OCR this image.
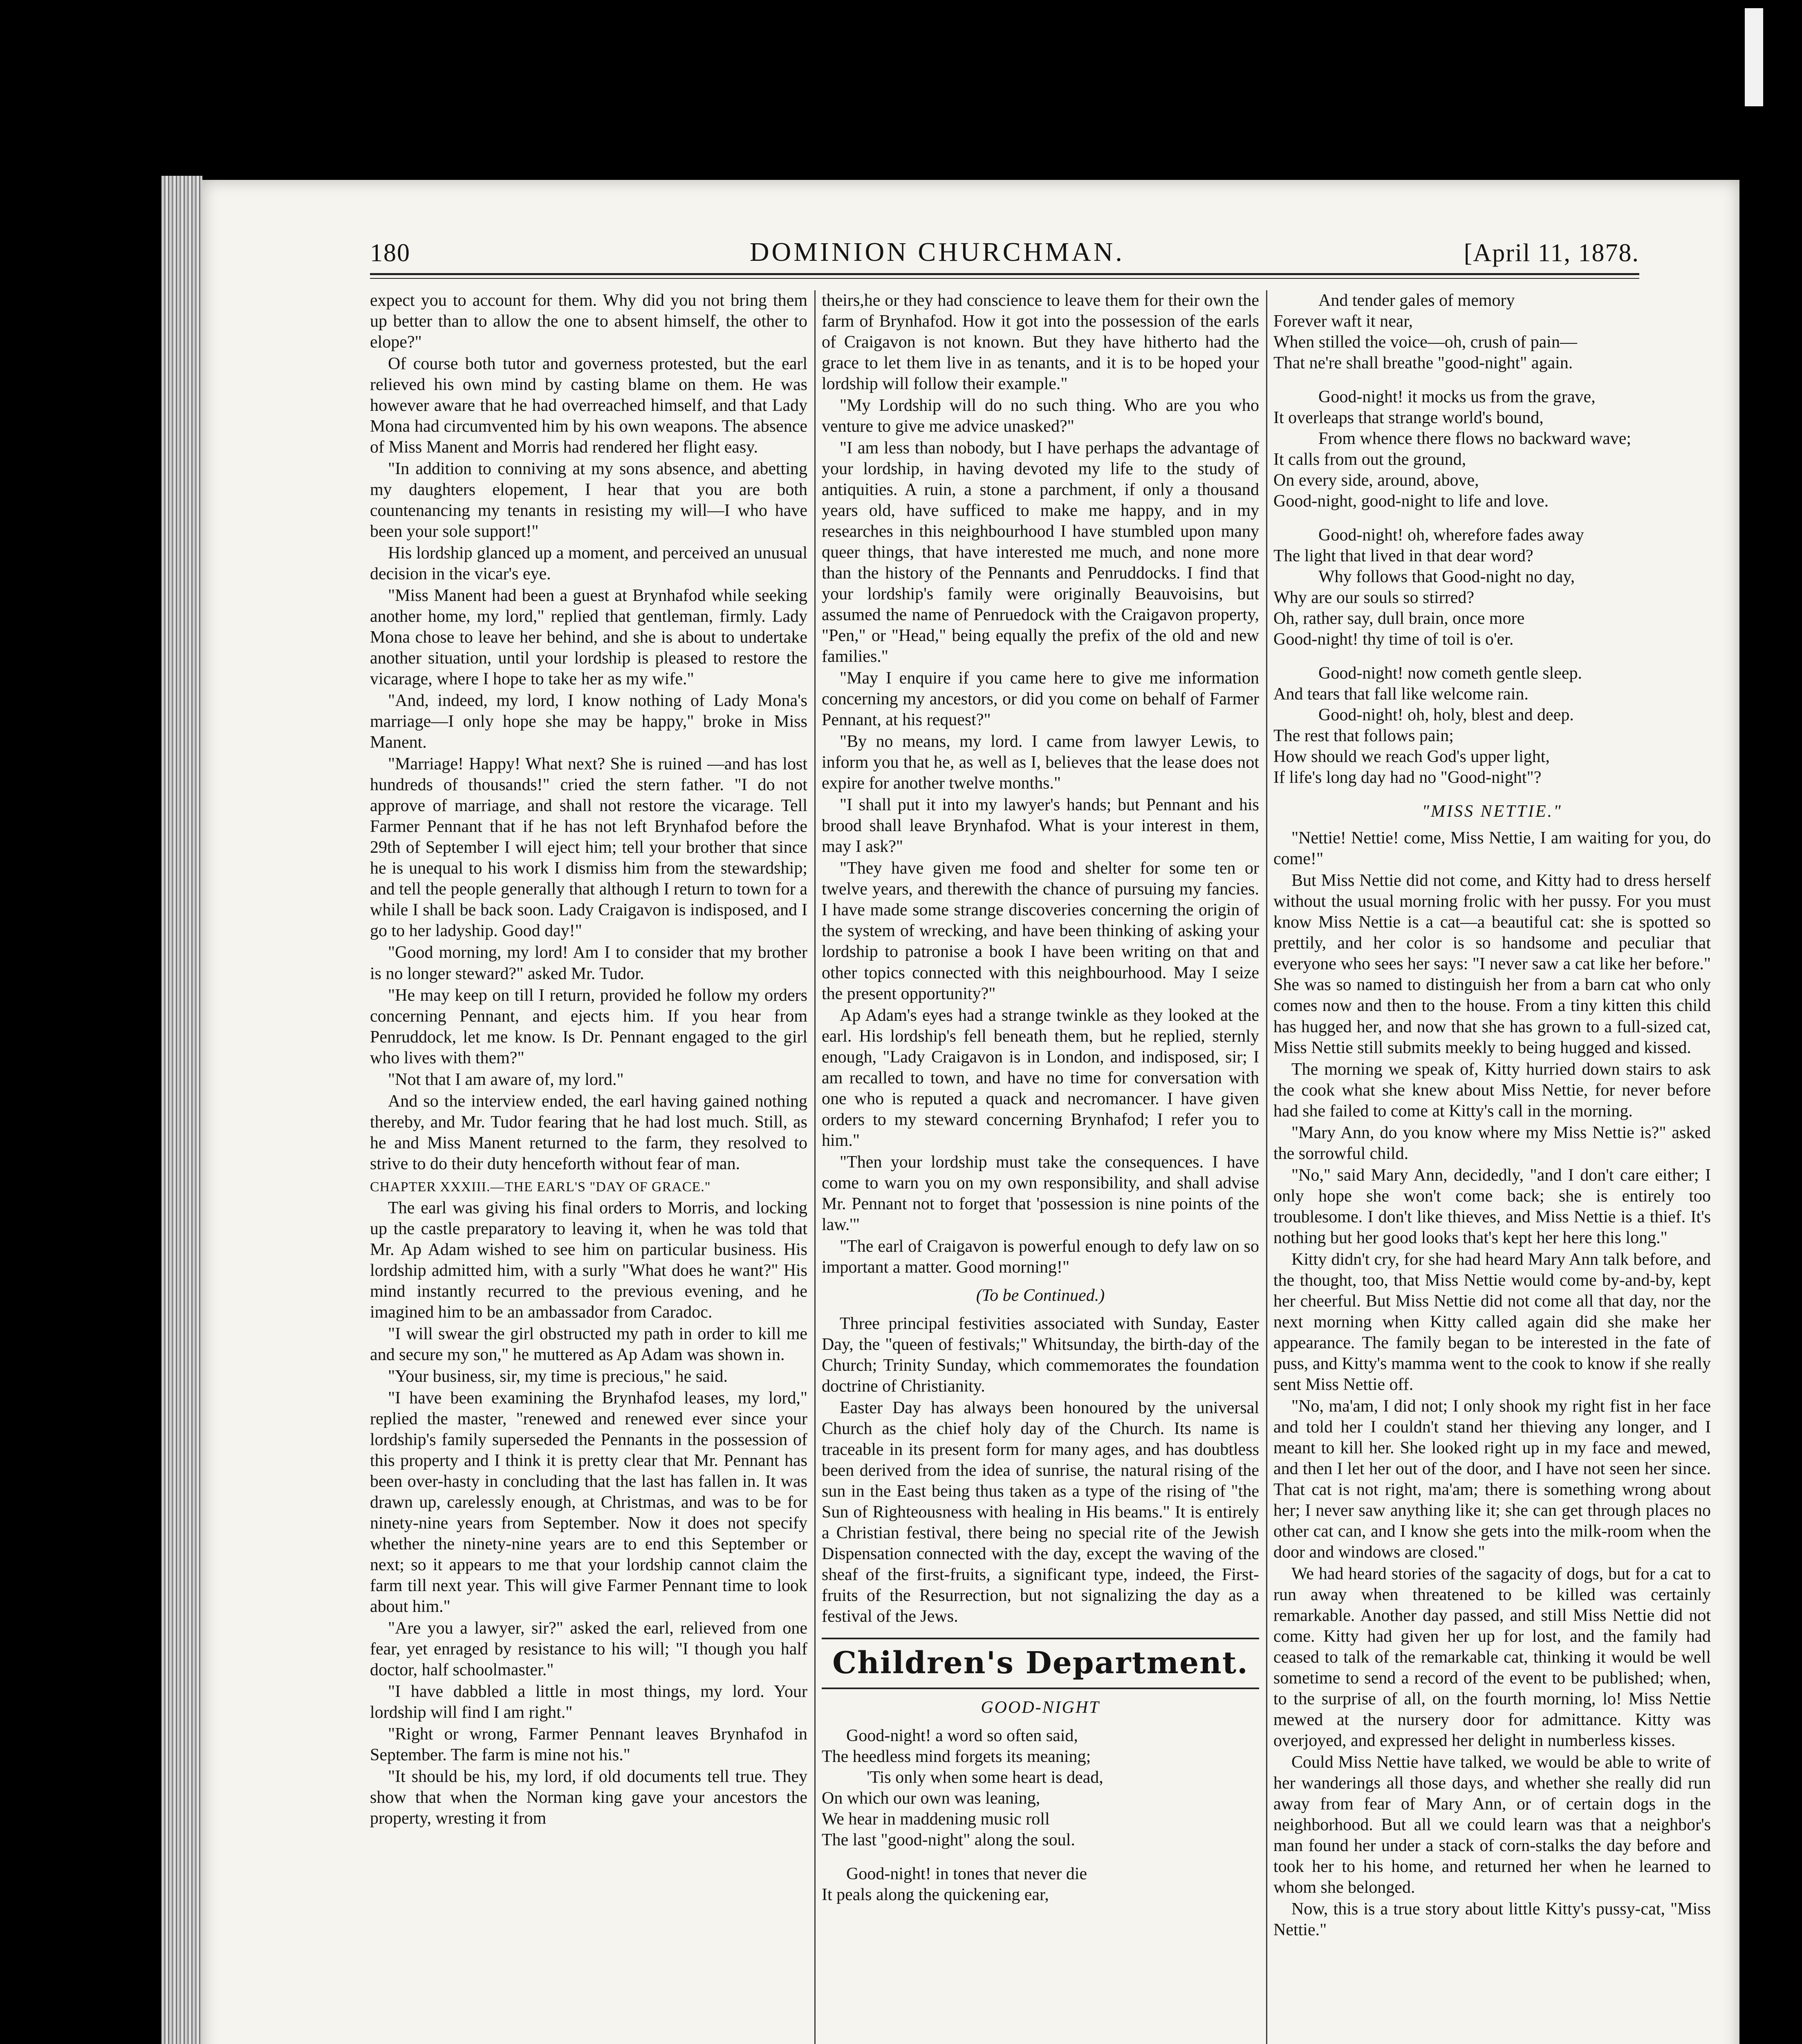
180	DOMINION CHURCHMAN.	[April 11, 1878.

expect you to account for them. Why did you not bring them up better than to allow the one to absent himself, the other to elope?"

Of course both tutor and governess protested, but the earl relieved his own mind by casting blame on them. He was however aware that he had overreached himself, and that Lady Mona had circumvented him by his own weapons. The absence of Miss Manent and Morris had rendered her flight easy.

"In addition to conniving at my sons absence, and abetting my daughters elopement, I hear that you are both countenancing my tenants in resisting my will—I who have been your sole support!"

His lordship glanced up a moment, and perceived an unusual decision in the vicar's eye.

"Miss Manent had been a guest at Brynhafod while seeking another home, my lord," replied that gentleman, firmly. Lady Mona chose to leave her behind, and she is about to undertake another situation, until your lordship is pleased to restore the vicarage, where I hope to take her as my wife."

"And, indeed, my lord, I know nothing of Lady Mona's marriage—I only hope she may be happy," broke in Miss Manent.

"Marriage! Happy! What next? She is ruined —and has lost hundreds of thousands!" cried the stern father. "I do not approve of marriage, and shall not restore the vicarage. Tell Farmer Pennant that if he has not left Brynhafod before the 29th of September I will eject him; tell your brother that since he is unequal to his work I dismiss him from the stewardship; and tell the people generally that although I return to town for a while I shall be back soon. Lady Craigavon is indisposed, and I go to her ladyship. Good day!"

"Good morning, my lord! Am I to consider that my brother is no longer steward?" asked Mr. Tudor.

"He may keep on till I return, provided he follow my orders concerning Pennant, and ejects him. If you hear from Penruddock, let me know. Is Dr. Pennant engaged to the girl who lives with them?"

"Not that I am aware of, my lord."

And so the interview ended, the earl having gained nothing thereby, and Mr. Tudor fearing that he had lost much. Still, as he and Miss Manent returned to the farm, they resolved to strive to do their duty henceforth without fear of man.

CHAPTER XXXIII.—THE EARL'S "DAY OF GRACE."

The earl was giving his final orders to Morris, and locking up the castle preparatory to leaving it, when he was told that Mr. Ap Adam wished to see him on particular business. His lordship admitted him, with a surly "What does he want?" His mind instantly recurred to the previous evening, and he imagined him to be an ambassador from Caradoc.

"I will swear the girl obstructed my path in order to kill me and secure my son," he muttered as Ap Adam was shown in.

"Your business, sir, my time is precious," he said.

"I have been examining the Brynhafod leases, my lord," replied the master, "renewed and renewed ever since your lordship's family superseded the Pennants in the possession of this property and I think it is pretty clear that Mr. Pennant has been over-hasty in concluding that the last has fallen in. It was drawn up, carelessly enough, at Christmas, and was to be for ninety-nine years from September. Now it does not specify whether the ninety-nine years are to end this September or next; so it appears to me that your lordship cannot claim the farm till next year. This will give Farmer Pennant time to look about him."

"Are you a lawyer, sir?" asked the earl, relieved from one fear, yet enraged by resistance to his will; "I though you half doctor, half schoolmaster."

"I have dabbled a little in most things, my lord. Your lordship will find I am right."

"Right or wrong, Farmer Pennant leaves Brynhafod in September. The farm is mine not his."

"It should be his, my lord, if old documents tell true. They show that when the Norman king gave your ancestors the property, wresting it from

theirs,he or they had conscience to leave them for their own the farm of Brynhafod. How it got into the possession of the earls of Craigavon is not known. But they have hitherto had the grace to let them live in as tenants, and it is to be hoped your lordship will follow their example."

"My Lordship will do no such thing. Who are you who venture to give me advice unasked?"

"I am less than nobody, but I have perhaps the advantage of your lordship, in having devoted my life to the study of antiquities. A ruin, a stone a parchment, if only a thousand years old, have sufficed to make me happy, and in my researches in this neighbourhood I have stumbled upon many queer things, that have interested me much, and none more than the history of the Pennants and Penruddocks. I find that your lordship's family were originally Beauvoisins, but assumed the name of Penruedock with the Craigavon property, "Pen," or "Head," being equally the prefix of the old and new families."

"May I enquire if you came here to give me information concerning my ancestors, or did you come on behalf of Farmer Pennant, at his request?"

"By no means, my lord. I came from lawyer Lewis, to inform you that he, as well as I, believes that the lease does not expire for another twelve months."

"I shall put it into my lawyer's hands; but Pennant and his brood shall leave Brynhafod. What is your interest in them, may I ask?"

"They have given me food and shelter for some ten or twelve years, and therewith the chance of pursuing my fancies. I have made some strange discoveries concerning the origin of the system of wrecking, and have been thinking of asking your lordship to patronise a book I have been writing on that and other topics connected with this neighbourhood. May I seize the present opportunity?"

Ap Adam's eyes had a strange twinkle as they looked at the earl. His lordship's fell beneath them, but he replied, sternly enough, "Lady Craigavon is in London, and indisposed, sir; I am recalled to town, and have no time for conversation with one who is reputed a quack and necromancer. I have given orders to my steward concerning Brynhafod; I refer you to him."

"Then your lordship must take the consequences. I have come to warn you on my own responsibility, and shall advise Mr. Pennant not to forget that 'possession is nine points of the law.'"

"The earl of Craigavon is powerful enough to defy law on so important a matter. Good morning!"

(To be Continued.)

Three principal festivities associated with Sunday, Easter Day, the "queen of festivals;" Whitsunday, the birth-day of the Church; Trinity Sunday, which commemorates the foundation doctrine of Christianity.

Easter Day has always been honoured by the universal Church as the chief holy day of the Church. Its name is traceable in its present form for many ages, and has doubtless been derived from the idea of sunrise, the natural rising of the sun in the East being thus taken as a type of the rising of "the Sun of Righteousness with healing in His beams." It is entirely a Christian festival, there being no special rite of the Jewish Dispensation connected with the day, except the waving of the sheaf of the first-fruits, a significant type, indeed, the First-fruits of the Resurrection, but not signalizing the day as a festival of the Jews.

Children's Department.
GOOD-NIGHT
Good-night! a word so often said,
The heedless mind forgets its meaning;
'Tis only when some heart is dead,
On which our own was leaning,
We hear in maddening music roll
The last "good-night" along the soul.
Good-night! in tones that never die
It peals along the quickening ear,
And tender gales of memory
Forever waft it near,
When stilled the voice—oh, crush of pain—
That ne're shall breathe "good-night" again.
Good-night! it mocks us from the grave,
It overleaps that strange world's bound,
From whence there flows no backward wave;
It calls from out the ground,
On every side, around, above,
Good-night, good-night to life and love.
Good-night! oh, wherefore fades away
The light that lived in that dear word?
Why follows that Good-night no day,
Why are our souls so stirred?
Oh, rather say, dull brain, once more
Good-night! thy time of toil is o'er.
Good-night! now cometh gentle sleep.
And tears that fall like welcome rain.
Good-night! oh, holy, blest and deep.
The rest that follows pain;
How should we reach God's upper light,
If life's long day had no "Good-night"?
"MISS NETTIE."

"Nettie! Nettie! come, Miss Nettie, I am waiting for you, do come!"

But Miss Nettie did not come, and Kitty had to dress herself without the usual morning frolic with her pussy. For you must know Miss Nettie is a cat—a beautiful cat: she is spotted so prettily, and her color is so handsome and peculiar that everyone who sees her says: "I never saw a cat like her before." She was so named to distinguish her from a barn cat who only comes now and then to the house. From a tiny kitten this child has hugged her, and now that she has grown to a full-sized cat, Miss Nettie still submits meekly to being hugged and kissed.

The morning we speak of, Kitty hurried down stairs to ask the cook what she knew about Miss Nettie, for never before had she failed to come at Kitty's call in the morning.

"Mary Ann, do you know where my Miss Nettie is?" asked the sorrowful child.

"No," said Mary Ann, decidedly, "and I don't care either; I only hope she won't come back; she is entirely too troublesome. I don't like thieves, and Miss Nettie is a thief. It's nothing but her good looks that's kept her here this long."

Kitty didn't cry, for she had heard Mary Ann talk before, and the thought, too, that Miss Nettie would come by-and-by, kept her cheerful. But Miss Nettie did not come all that day, nor the next morning when Kitty called again did she make her appearance. The family began to be interested in the fate of puss, and Kitty's mamma went to the cook to know if she really sent Miss Nettie off.

"No, ma'am, I did not; I only shook my right fist in her face and told her I couldn't stand her thieving any longer, and I meant to kill her. She looked right up in my face and mewed, and then I let her out of the door, and I have not seen her since. That cat is not right, ma'am; there is something wrong about her; I never saw anything like it; she can get through places no other cat can, and I know she gets into the milk-room when the door and windows are closed."

We had heard stories of the sagacity of dogs, but for a cat to run away when threatened to be killed was certainly remarkable. Another day passed, and still Miss Nettie did not come. Kitty had given her up for lost, and the family had ceased to talk of the remarkable cat, thinking it would be well sometime to send a record of the event to be published; when, to the surprise of all, on the fourth morning, lo! Miss Nettie mewed at the nursery door for admittance. Kitty was overjoyed, and expressed her delight in numberless kisses.

Could Miss Nettie have talked, we would be able to write of her wanderings all those days, and whether she really did run away from fear of Mary Ann, or of certain dogs in the neighborhood. But all we could learn was that a neighbor's man found her under a stack of corn-stalks the day before and took her to his home, and returned her when he learned to whom she belonged.

Now, this is a true story about little Kitty's pussy-cat, "Miss Nettie."
